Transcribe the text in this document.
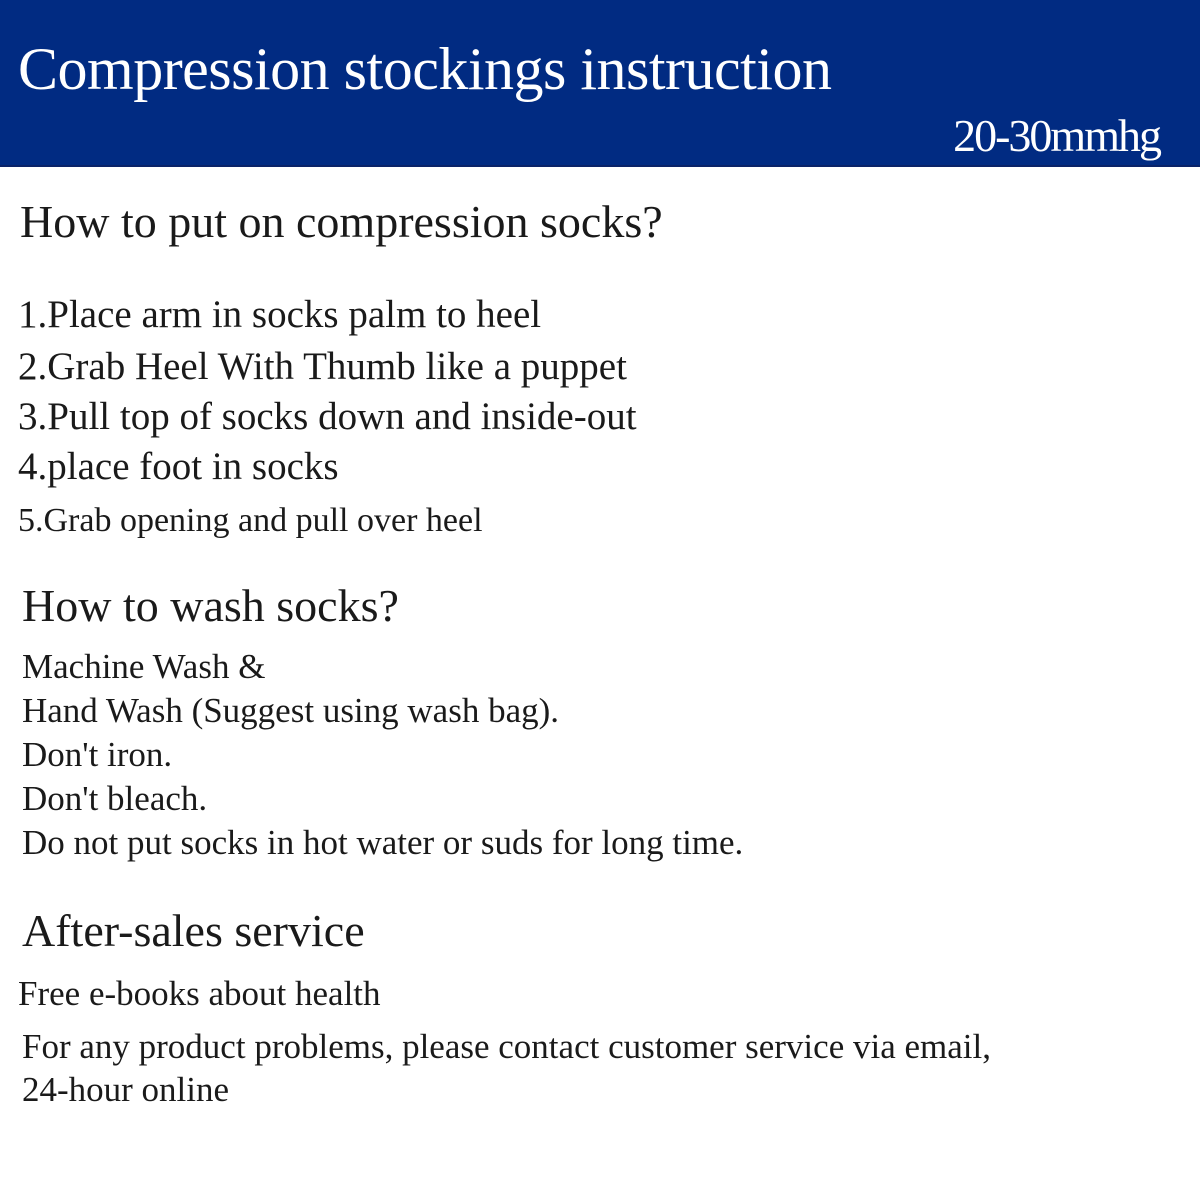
Compression stockings instruction
20-30mmhg
How to put on compression socks?
1.Place arm in socks palm to heel
2.Grab Heel With Thumb like a puppet
3.Pull top of socks down and inside-out
4.place foot in socks
5.Grab opening and pull over heel
How to wash socks?
Machine Wash &
Hand Wash (Suggest using wash bag).
Don't iron.
Don't bleach.
Do not put socks in hot water or suds for long time.
After-sales service
Free e-books about health
For any product problems, please contact customer service via email,
24-hour online
